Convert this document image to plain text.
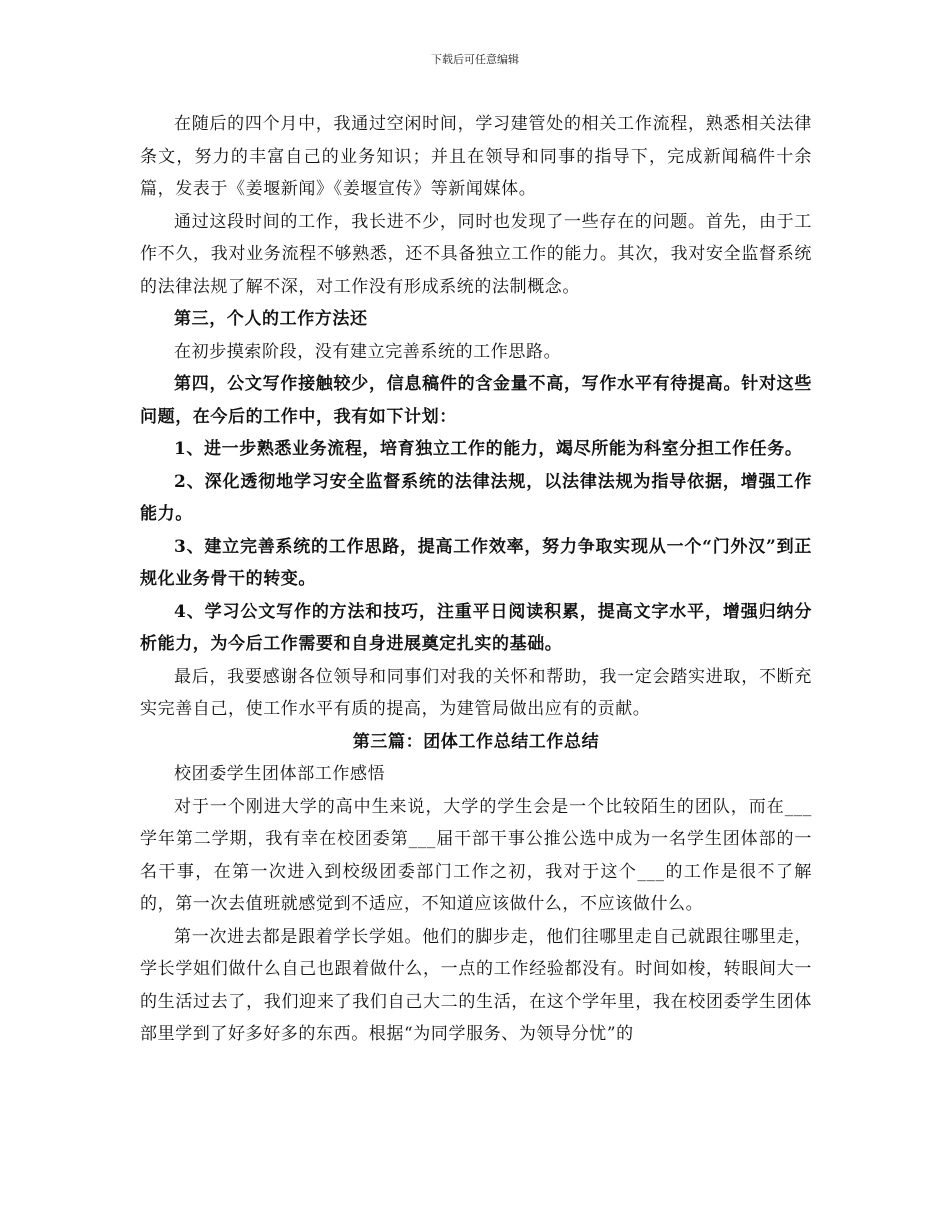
下载后可任意编辑

在随后的四个月中，我通过空闲时间，学习建管处的相关工作流程，熟悉相关法律条文，努力的丰富自己的业务知识；并且在领导和同事的指导下，完成新闻稿件十余篇，发表于《姜堰新闻》《姜堰宣传》等新闻媒体。

通过这段时间的工作，我长进不少，同时也发现了一些存在的问题。首先，由于工作不久，我对业务流程不够熟悉，还不具备独立工作的能力。其次，我对安全监督系统的法律法规了解不深，对工作没有形成系统的法制概念。

第三，个人的工作方法还

在初步摸索阶段，没有建立完善系统的工作思路。

第四，公文写作接触较少，信息稿件的含金量不高，写作水平有待提高。针对这些问题，在今后的工作中，我有如下计划：

1、进一步熟悉业务流程，培育独立工作的能力，竭尽所能为科室分担工作任务。

2、深化透彻地学习安全监督系统的法律法规，以法律法规为指导依据，增强工作能力。

3、建立完善系统的工作思路，提高工作效率，努力争取实现从一个“门外汉”到正规化业务骨干的转变。

4、学习公文写作的方法和技巧，注重平日阅读积累，提高文字水平，增强归纳分析能力，为今后工作需要和自身进展奠定扎实的基础。

最后，我要感谢各位领导和同事们对我的关怀和帮助，我一定会踏实进取，不断充实完善自己，使工作水平有质的提高，为建管局做出应有的贡献。

第三篇：团体工作总结工作总结

校团委学生团体部工作感悟

对于一个刚进大学的高中生来说，大学的学生会是一个比较陌生的团队，而在___学年第二学期，我有幸在校团委第___届干部干事公推公选中成为一名学生团体部的一名干事，在第一次进入到校级团委部门工作之初，我对于这个___的工作是很不了解的，第一次去值班就感觉到不适应，不知道应该做什么，不应该做什么。

第一次进去都是跟着学长学姐。他们的脚步走，他们往哪里走自己就跟往哪里走，学长学姐们做什么自己也跟着做什么，一点的工作经验都没有。时间如梭，转眼间大一的生活过去了，我们迎来了我们自己大二的生活，在这个学年里，我在校团委学生团体部里学到了好多好多的东西。根据“为同学服务、为领导分忧”的
